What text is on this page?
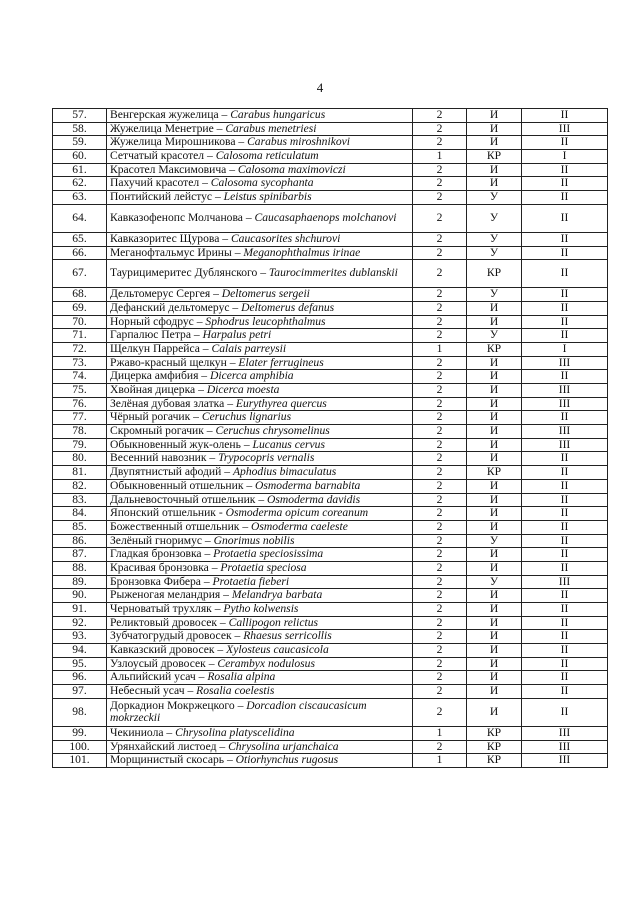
4
57.	Венгерская жужелица – Carabus hungaricus	2	И	II
58.	Жужелица Менетрие – Carabus menetriesi	2	И	III
59.	Жужелица Мирошникова – Carabus miroshnikovi	2	И	II
60.	Сетчатый красотел – Calosoma reticulatum	1	КР	I
61.	Красотел Максимовича – Calosoma maximoviczi	2	И	II
62.	Пахучий красотел – Calosoma sycophanta	2	И	II
63.	Понтийский лейстус – Leistus spinibarbis	2	У	II
64.	Кавказофенопс Молчанова – Caucasaphaenops molchanovi	2	У	II
65.	Кавказоритес Щурова – Caucasorites shchurovi	2	У	II
66.	Меганофтальмус Ирины – Meganophthalmus irinae	2	У	II
67.	Таурицимеритес Дублянского – Taurocimmerites dublanskii	2	КР	II
68.	Дельтомерус Сергея – Deltomerus sergeii	2	У	II
69.	Дефанский дельтомерус – Deltomerus defanus	2	И	II
70.	Норный сфодрус – Sphodrus leucophthalmus	2	И	II
71.	Гарпалюс Петра – Harpalus petri	2	У	II
72.	Щелкун Паррейса – Calais parreysii	1	КР	I
73.	Ржаво-красный щелкун – Elater ferrugineus	2	И	III
74.	Дицерка амфибия – Dicerca amphibia	2	И	II
75.	Хвойная дицерка – Dicerca moesta	2	И	III
76.	Зелёная дубовая златка – Eurythyrea quercus	2	И	III
77.	Чёрный рогачик – Ceruchus lignarius	2	И	II
78.	Скромный рогачик – Ceruchus chrysomelinus	2	И	III
79.	Обыкновенный жук-олень – Lucanus cervus	2	И	III
80.	Весенний навозник – Trypocopris vernalis	2	И	II
81.	Двупятнистый афодий – Aphodius bimaculatus	2	КР	II
82.	Обыкновенный отшельник – Osmoderma barnabita	2	И	II
83.	Дальневосточный отшельник – Osmoderma davidis	2	И	II
84.	Японский отшельник - Osmoderma opicum coreanum	2	И	II
85.	Божественный отшельник – Osmoderma caeleste	2	И	II
86.	Зелёный гноримус – Gnorimus nobilis	2	У	II
87.	Гладкая бронзовка – Protaetia speciosissima	2	И	II
88.	Красивая бронзовка – Protaetia speciosa	2	И	II
89.	Бронзовка Фибера – Protaetia fieberi	2	У	III
90.	Рыженогая меландрия – Melandrya barbata	2	И	II
91.	Черноватый трухляк – Pytho kolwensis	2	И	II
92.	Реликтовый дровосек – Callipogon relictus	2	И	II
93.	Зубчатогрудый дровосек – Rhaesus serricollis	2	И	II
94.	Кавказский дровосек – Xylosteus caucasicola	2	И	II
95.	Узлоусый дровосек – Cerambyx nodulosus	2	И	II
96.	Альпийский усач – Rosalia alpina	2	И	II
97.	Небесный усач – Rosalia coelestis	2	И	II
98.	Доркадион Мокржецкого – Dorcadion ciscaucasicum mokrzeckii	2	И	II
99.	Чекиниола – Chrysolina platyscelidina	1	КР	III
100.	Урянхайский листоед – Chrysolina urjanchaica	2	КР	III
101.	Морщинистый скосарь – Otiorhynchus rugosus	1	КР	III
